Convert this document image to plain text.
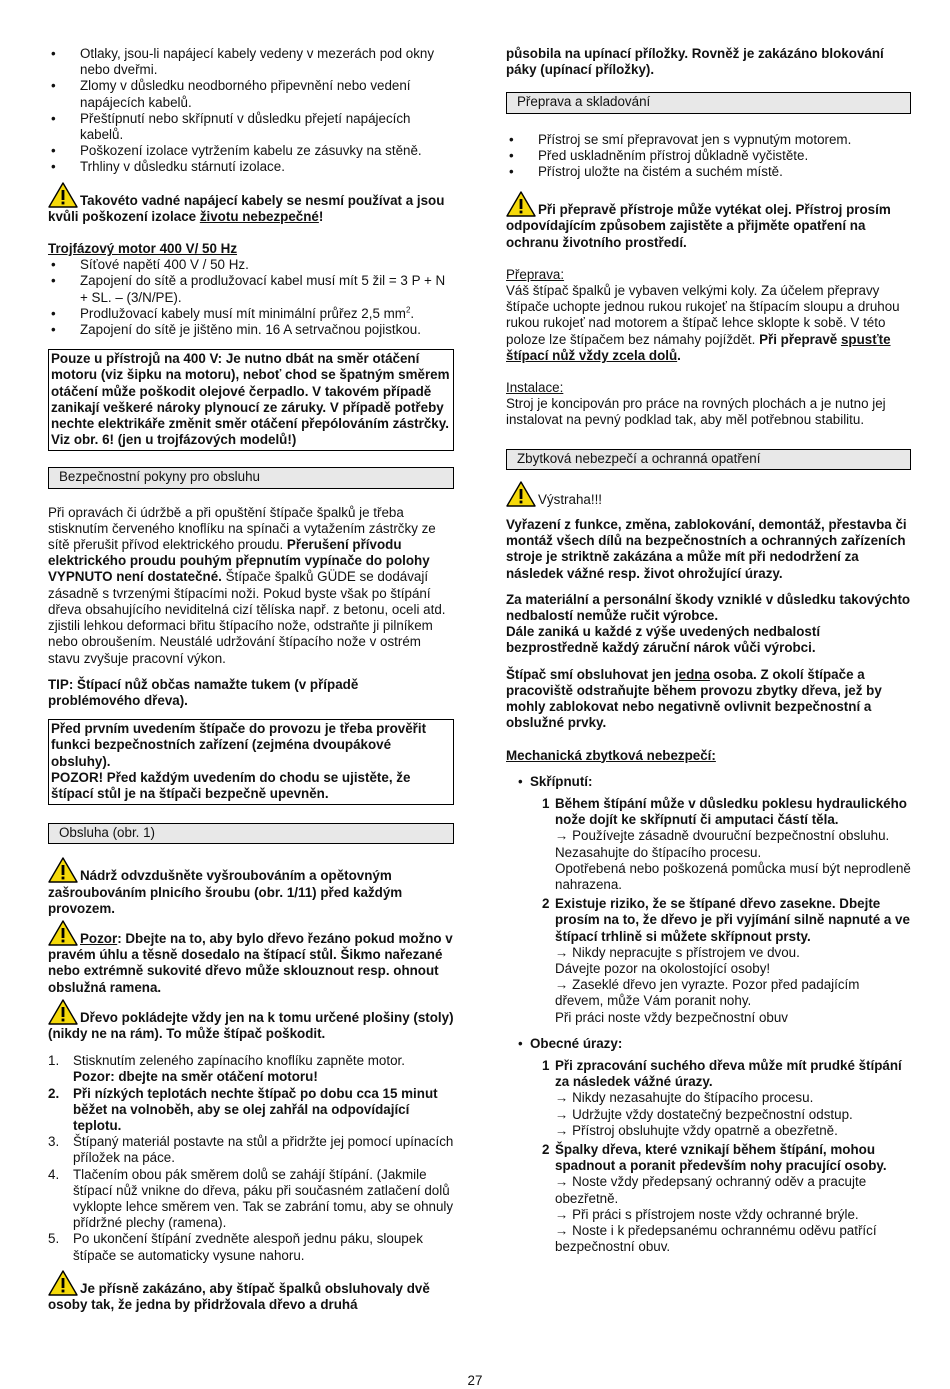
• Otlaky, jsou-li napájecí kabely vedeny v mezerách pod okny nebo dveřmi.
• Zlomy v důsledku neodborného připevnění nebo vedení napájecích kabelů.
• Přeštípnutí nebo skřípnutí v důsledku přejetí napájecích kabelů.
• Poškození izolace vytržením kabelu ze zásuvky na stěně.
• Trhliny v důsledku stárnutí izolace.

Takovéto vadné napájecí kabely se nesmí používat a jsou kvůli poškození izolace životu nebezpečné!

Trojfázový motor 400 V/ 50 Hz

• Síťové napětí 400 V / 50 Hz.
• Zapojení do sítě a prodlužovací kabel musí mít 5 žil = 3 P + N + SL. – (3/N/PE).
• Prodlužovací kabely musí mít minimální průřez 2,5 $mm^2$.
• Zapojení do sítě je jištěno min. 16 A setrvačnou pojistkou.

Pouze u přístrojů na 400 V: Je nutno dbát na směr otáčení motoru (viz šipku na motoru), neboť chod se špatným směrem otáčení může poškodit olejové čerpadlo. V takovém případě zanikají veškeré nároky plynoucí ze záruky. V případě potřeby nechte elektrikáře změnit směr otáčení přepólováním zástrčky.

Viz obr. 6! (jen u trojfázových modelů!)

Bezpečnostní pokyny pro obsluhu

Při opravách či údržbě a při opuštění štípače špalků je třeba stisknutím červeného knoflíku na spínači a vytažením zástrčky ze sítě přerušit přívod elektrického proudu. Přerušení přívodu elektrického proudu pouhým přepnutím vypínače do polohy VYPNUTO není dostatečné. Štípače špalků GÜDE se dodávají zásadně s tvrzenými štípacími noži. Pokud byste však po štípání dřeva obsahujícího neviditelná cizí tělíska např. z betonu, oceli atd. zjistili lehkou deformaci břitu štípacího nože, odstraňte ji pilníkem nebo obroušením. Neustálé udržování štípacího nože v ostrém stavu zvyšuje pracovní výkon.

TIP: Štípací nůž občas namažte tukem (v případě problémového dřeva).

Před prvním uvedením štípače do provozu je třeba prověřit funkci bezpečnostních zařízení (zejména dvoupákové obsluhy).

POZOR! Před každým uvedením do chodu se ujistěte, že štípací stůl je na štípači bezpečně upevněn.

Obsluha (obr. 1)

Nádrž odvzdušněte vyšroubováním a opětovným zašroubováním plnicího šroubu (obr. 1/11) před každým provozem.

Pozor: Dbejte na to, aby bylo dřevo řezáno pokud možno v pravém úhlu a těsně dosedalo na štípací stůl. Šikmo nařezané nebo extrémně sukovité dřevo může sklouznout resp. ohnout obslužná ramena.

Dřevo pokládejte vždy jen na k tomu určené plošiny (stoly) (nikdy ne na rám). To může štípač poškodit.

1. Stisknutím zeleného zapínacího knoflíku zapněte motor.
Pozor: dbejte na směr otáčení motoru!
2. Při nízkých teplotách nechte štípač po dobu cca 15 minut běžet na volnoběh, aby se olej zahřál na odpovídající teplotu.
3. Štípaný materiál postavte na stůl a přidržte jej pomocí upínacích příložek na páce.
4. Tlačením obou pák směrem dolů se zahájí štípání. (Jakmile štípací nůž vnikne do dřeva, páku při současném zatlačení dolů vyklopte lehce směrem ven. Tak se zabrání tomu, aby se ohnuly přídržné plechy (ramena).
5. Po ukončení štípání zvedněte alespoň jednu páku, sloupek štípače se automaticky vysune nahoru.

Je přísně zakázáno, aby štípač špalků obsluhovaly dvě osoby tak, že jedna by přidržovala dřevo a druhá

působila na upínací příložky. Rovněž je zakázáno blokování páky (upínací příložky).

Přeprava a skladování
• Přístroj se smí přepravovat jen s vypnutým motorem.
• Před uskladněním přístroj důkladně vyčistěte.
• Přístroj uložte na čistém a suchém místě.

Při přepravě přístroje může vytékat olej. Přístroj prosím odpovídajícím způsobem zajistěte a přijměte opatření na ochranu životního prostředí.

Přeprava:

Váš štípač špalků je vybaven velkými koly. Za účelem přepravy štípače uchopte jednou rukou rukojeť na štípacím sloupu a druhou rukou rukojeť nad motorem a štípač lehce sklopte k sobě. V této poloze lze štípačem bez námahy pojíždět. Při přepravě spusťte štípací nůž vždy zcela dolů.

Instalace:

Stroj je koncipován pro práce na rovných plochách a je nutno jej instalovat na pevný podklad tak, aby měl potřebnou stabilitu.

Zbytková nebezpečí a ochranná opatření

Výstraha!!!

Vyřazení z funkce, změna, zablokování, demontáž, přestavba či montáž všech dílů na bezpečnostních a ochranných zařízeních stroje je striktně zakázána a může mít při nedodržení za následek vážné resp. život ohrožující úrazy.

Za materiální a personální škody vzniklé v důsledku takovýchto nedbalostí nemůže ručit výrobce.

Dále zaniká u každé z výše uvedených nedbalostí bezprostředně každý záruční nárok vůči výrobci.

Štípač smí obsluhovat jen jedna osoba. Z okolí štípače a pracoviště odstraňujte během provozu zbytky dřeva, jež by mohly zablokovat nebo negativně ovlivnit bezpečnostní a obslužné prvky.

Mechanická zbytková nebezpečí:

• Skřípnutí:

1 Během štípání může v důsledku poklesu hydraulického nože dojít ke skřípnutí či amputaci částí těla.

→ Používejte zásadně dvouruční bezpečnostní obsluhu.

Nezasahujte do štípacího procesu.

Opotřebená nebo poškozená pomůcka musí být neprodleně nahrazena.

2 Existuje riziko, že se štípané dřevo zasekne. Dbejte prosím na to, že dřevo je při vyjímání silně napnuté a ve štípací trhlině si můžete skřípnout prsty.

→ Nikdy nepracujte s přístrojem ve dvou.

Dávejte pozor na okolostojící osoby!

→ Zaseklé dřevo jen vyrazte. Pozor před padajícím dřevem, může Vám poranit nohy.

Při práci noste vždy bezpečnostní obuv

• Obecné úrazy:

1 Při zpracování suchého dřeva může mít prudké štípání za následek vážné úrazy.

→ Nikdy nezasahujte do štípacího procesu.

→ Udržujte vždy dostatečný bezpečnostní odstup.

→ Přístroj obsluhujte vždy opatrně a obezřetně.

2 Špalky dřeva, které vznikají během štípání, mohou spadnout a poranit především nohy pracující osoby.

→ Noste vždy předepsaný ochranný oděv a pracujte obezřetně.

→ Při práci s přístrojem noste vždy ochranné brýle.

→ Noste i k předepsanému ochrannému oděvu patřící bezpečnostní obuv.

27
